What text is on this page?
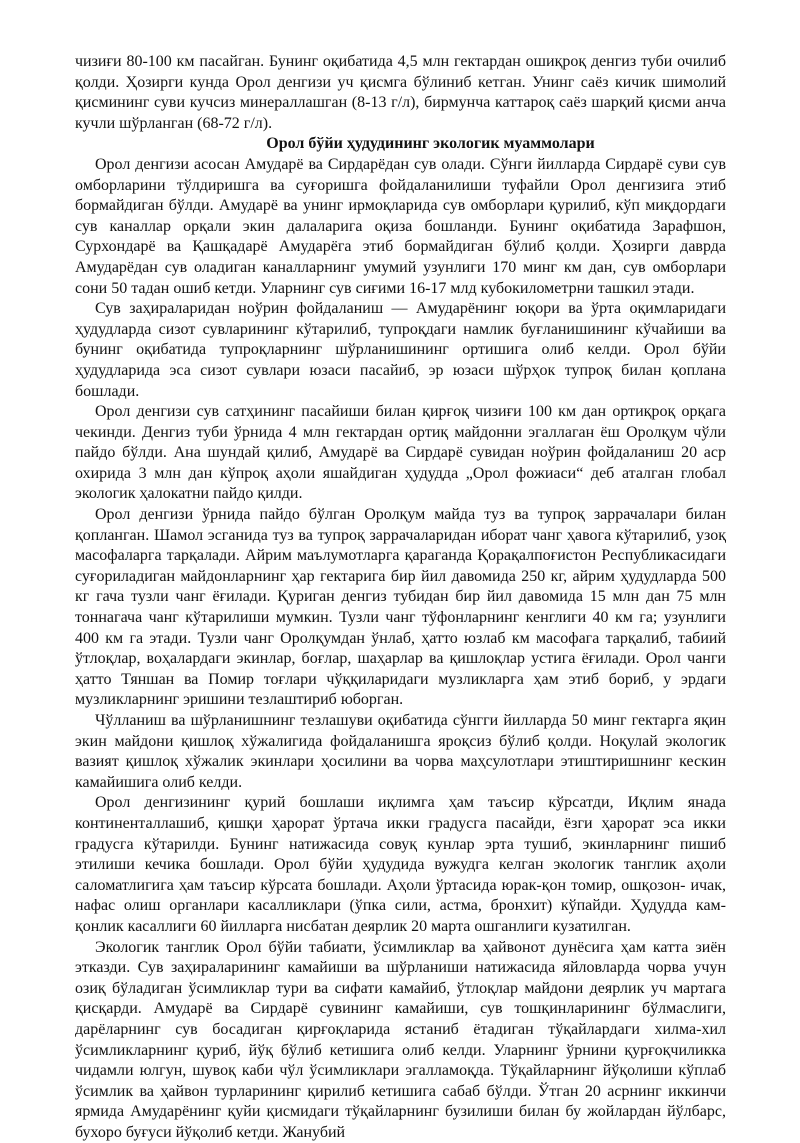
чизиғи 80-100 км пасайган. Бунинг оқибатида 4,5 млн гектардан ошиқроқ денгиз туби очилиб қолди. Ҳозирги кунда Орол денгизи уч қисмга бўлиниб кетган. Унинг саёз кичик шимолий қисмининг суви кучсиз минераллашган (8-13 г/л), бирмунча каттароқ саёз шарқий қисми анча кучли шўрланган (68-72 г/л).

Орол бўйи ҳудудининг экологик муаммолари

Орол денгизи асосан Амударё ва Сирдарёдан сув олади. Сўнги йилларда Сирдарё суви сув омборларини тўлдиришга ва суғоришга фойдаланилиши туфайли Орол денгизига этиб бормайдиган бўлди. Амударё ва унинг ирмоқларида сув омборлари қурилиб, кўп миқдордаги сув каналлар орқали экин далаларига оқиза бошланди. Бунинг оқибатида Зарафшон, Сурхондарё ва Қашқадарё Амударёга этиб бормайдиган бўлиб қолди. Ҳозирги даврда Амударёдан сув оладиган каналларнинг умумий узунлиги 170 минг км дан, сув омборлари сони 50 тадан ошиб кетди. Уларнинг сув сиғими 16-17 млд кубокилометрни ташкил этади.

Сув заҳираларидан ноўрин фойдаланиш — Амударёнинг юқори ва ўрта оқимларидаги ҳудудларда сизот сувларининг кўтарилиб, тупроқдаги намлик буғланишининг кўчайиши ва бунинг оқибатида тупроқларнинг шўрланишининг ортишига олиб келди. Орол бўйи ҳудудларида эса сизот сувлари юзаси пасайиб, эр юзаси шўрҳок тупроқ билан қопланa бошлади.

Орол денгизи сув сатҳининг пасайиши билан қирғоқ чизиғи 100 км дан ортиқроқ орқага чекинди. Денгиз туби ўрнида 4 млн гектардан ортиқ майдонни эгаллаган ёш Оролқум чўли пайдо бўлди. Ана шундай қилиб, Амударё ва Сирдарё сувидан ноўрин фойдаланиш 20 аср охирида 3 млн дан кўпроқ аҳоли яшайдиган ҳудудда „Орол фожиаси“ деб аталган глобал экологик ҳалокатни пайдо қилди.

Орол денгизи ўрнида пайдо бўлган Оролқум майда туз ва тупроқ заррачалари билан қопланган. Шамол эсганида туз ва тупроқ заррачаларидан иборат чанг ҳавога кўтарилиб, узоқ масофаларга тарқалади. Айрим маълумотларга қараганда Қорақалпоғистон Республикасидаги суғориладиган майдонларнинг ҳар гектарига бир йил давомида 250 кг, айрим ҳудудларда 500 кг гача тузли чанг ёғилади. Қуриган денгиз тубидан бир йил давомида 15 млн дан 75 млн тоннагача чанг кўтарилиши мумкин. Тузли чанг тўфонларнинг кенглиги 40 км га; узунлиги 400 км га этади. Тузли чанг Оролқумдан ўнлаб, ҳатто юзлаб км масофага тарқалиб, табиий ўтлоқлар, воҳалардаги экинлар, боғлар, шаҳарлар ва қишлоқлар устига ёғилади. Орол чанги ҳатто Тяншан ва Помир тоғлари чўққиларидаги музликларга ҳам этиб бориб, у эрдаги музликларнинг эришини тезлаштириб юборган.

Чўлланиш ва шўрланишнинг тезлашуви оқибатида сўнгги йилларда 50 минг гектарга яқин экин майдони қишлоқ хўжалигида фойдаланишга яроқсиз бўлиб қолди. Ноқулай экологик вазият қишлоқ хўжалик экинлари ҳосилини ва чорва маҳсулотлари этиштиришнинг кескин камайишига олиб келди.

Орол денгизининг қурий бошлаши иқлимга ҳам таъсир кўрсатди, Иқлим янада континенталлашиб, қишқи ҳарорат ўртача икки градусга пасайди, ёзги ҳарорат эса икки градусга кўтарилди. Бунинг натижасида совуқ кунлар эрта тушиб, экинларнинг пишиб этилиши кечика бошлади. Орол бўйи ҳудудида вужудга келган экологик танглик аҳоли саломатлигига ҳам таъсир кўрсата бошлади. Аҳоли ўртасида юрак-қон томир, ошқозон- ичак, нафас олиш органлари касалликлари (ўпка сили, астма, бронхит) кўпайди. Ҳудудда кам-қонлик касаллиги 60 йилларга нисбатан деярлик 20 марта ошганлиги кузатилган.

Экологик танглик Орол бўйи табиати, ўсимликлар ва ҳайвонот дунёсига ҳам катта зиён этказди. Сув заҳираларининг камайиши ва шўрланиши натижасида яйловларда чорва учун озиқ бўладиган ўсимликлар тури ва сифати камайиб, ўтлоқлар майдони деярлик уч мартага қисқарди. Амударё ва Сирдарё сувининг камайиши, сув тошқинларининг бўлмаслиги, дарёларнинг сув босадиган қирғоқларида ястаниб ётадиган тўқайлардаги хилма-хил ўсимликларнинг қуриб, йўқ бўлиб кетишига олиб келди. Уларнинг ўрнини қурғоқчиликка чидамли юлгун, шувоқ каби чўл ўсимликлари эгалламоқда. Тўқайларнинг йўқолиши кўплаб ўсимлик ва ҳайвон турларининг қирилиб кетишига сабаб бўлди. Ўтган 20 асрнинг иккинчи ярмида Амударёнинг қуйи қисмидаги тўқайларнинг бузилиши билан бу жойлардан йўлбарс, бухоро буғуси йўқолиб кетди. Жанубий
